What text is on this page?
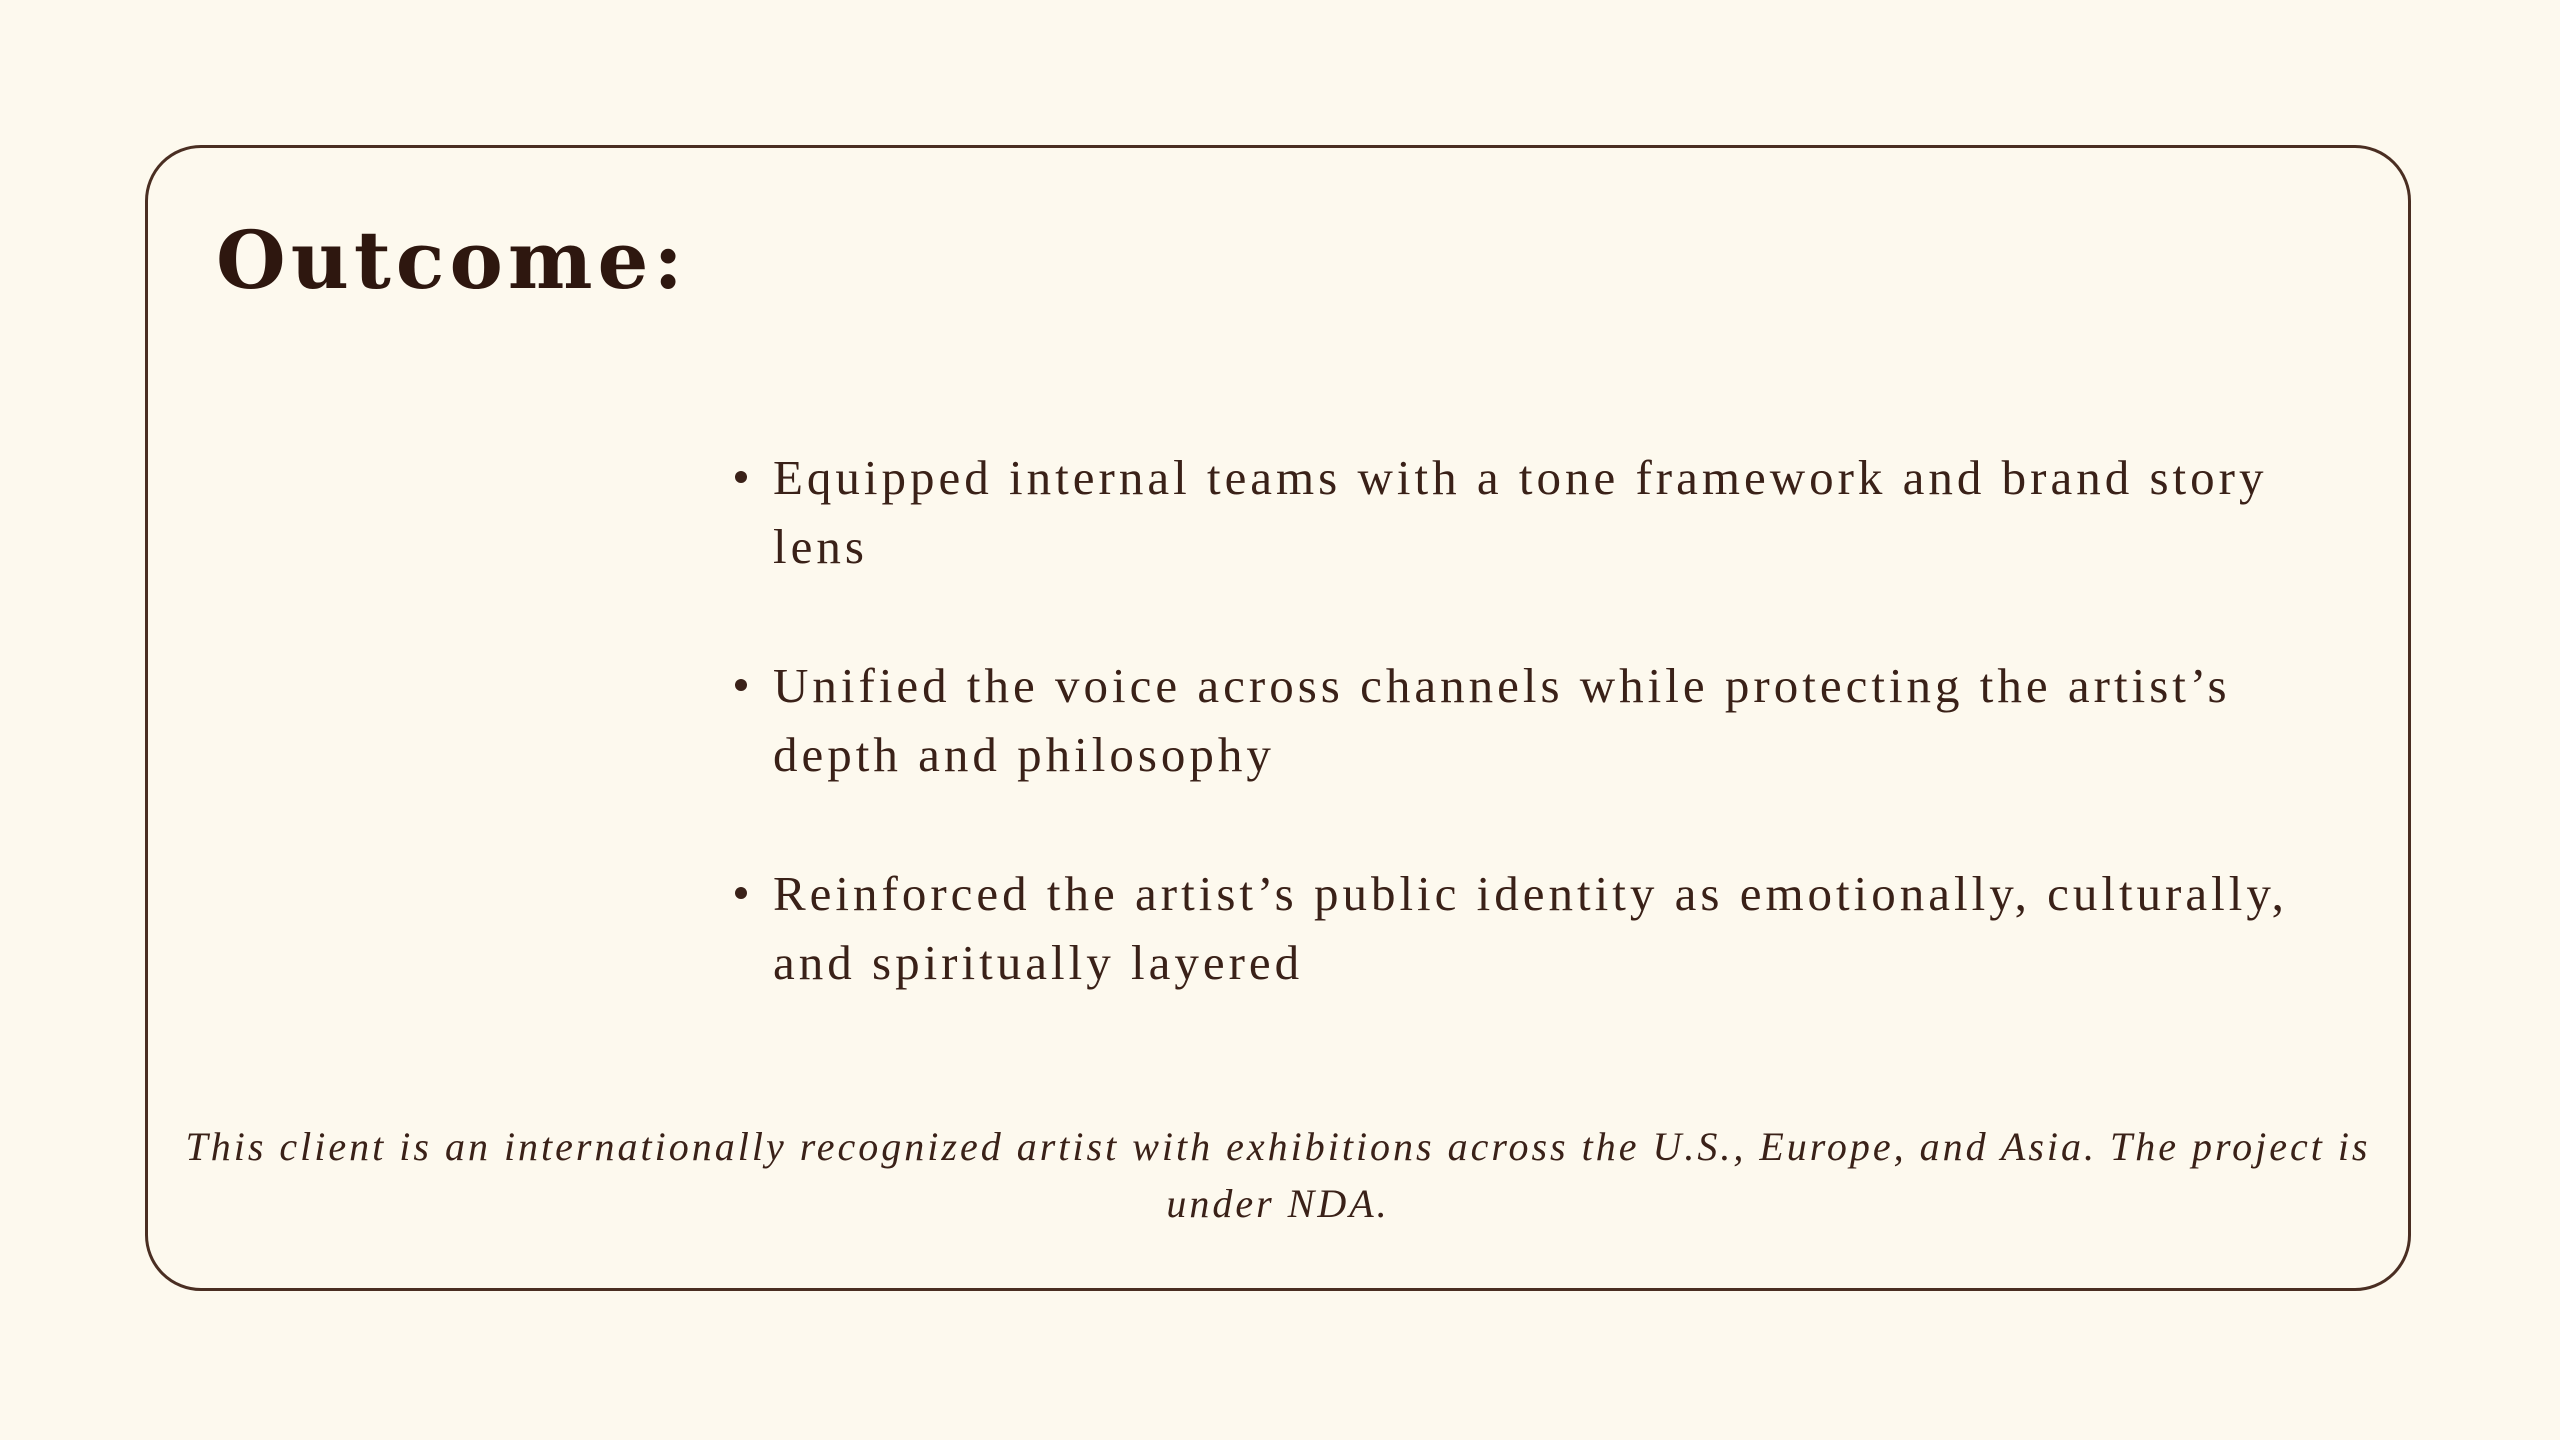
Outcome:
Equipped internal teams with a tone framework and brand story lens
Unified the voice across channels while protecting the artist’s depth and philosophy
Reinforced the artist’s public identity as emotionally, culturally, and spiritually layered

This client is an internationally recognized artist with exhibitions across the U.S., Europe, and Asia. The project is under NDA.
